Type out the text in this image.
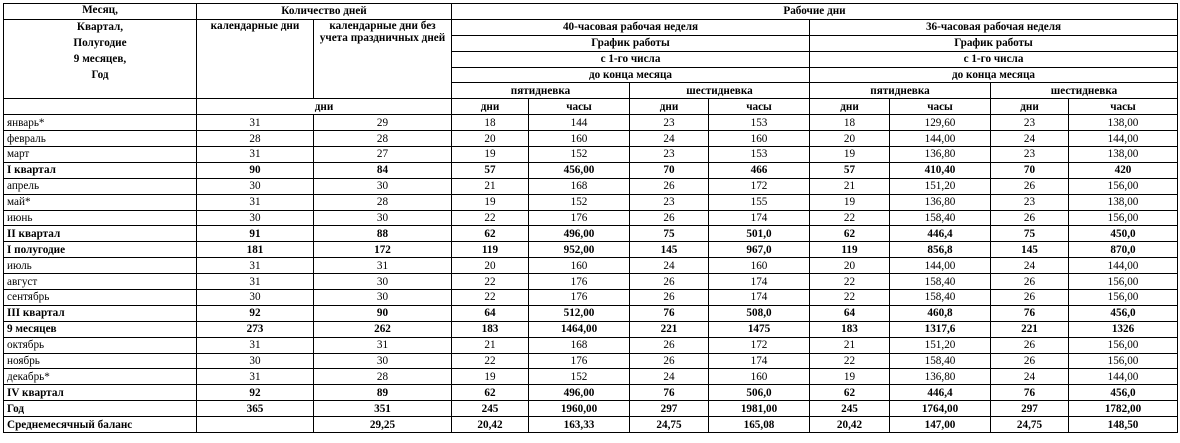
Месяц,	Количество дней		Рабочие дни							

Квартал,
Полугодие
9 месяцев,
Год	календарные дни	календарные дни без учета праздничных дней	40-часовая рабочая неделя				36-часовая рабочая неделя			
			График работы				График работы			
			с 1-го числа				с 1-го числа			
			до конца месяца				до конца месяца			
			пятидневка		шестидневка		пятидневка		шестидневка	
	дни		дни	часы	дни	часы	дни	часы	дни	часы
январь*	31	29	18	144	23	153	18	129,60	23	138,00
февраль	28	28	20	160	24	160	20	144,00	24	144,00
март	31	27	19	152	23	153	19	136,80	23	138,00
I квартал	90	84	57	456,00	70	466	57	410,40	70	420
апрель	30	30	21	168	26	172	21	151,20	26	156,00
май*	31	28	19	152	23	155	19	136,80	23	138,00
июнь	30	30	22	176	26	174	22	158,40	26	156,00
II квартал	91	88	62	496,00	75	501,0	62	446,4	75	450,0
I полугодие	181	172	119	952,00	145	967,0	119	856,8	145	870,0
июль	31	31	20	160	24	160	20	144,00	24	144,00
август	31	30	22	176	26	174	22	158,40	26	156,00
сентябрь	30	30	22	176	26	174	22	158,40	26	156,00
III квартал	92	90	64	512,00	76	508,0	64	460,8	76	456,0
9 месяцев	273	262	183	1464,00	221	1475	183	1317,6	221	1326
октябрь	31	31	21	168	26	172	21	151,20	26	156,00
ноябрь	30	30	22	176	26	174	22	158,40	26	156,00
декабрь*	31	28	19	152	24	160	19	136,80	24	144,00
IV квартал	92	89	62	496,00	76	506,0	62	446,4	76	456,0
Год	365	351	245	1960,00	297	1981,00	245	1764,00	297	1782,00
Среднемесячный баланс		29,25	20,42	163,33	24,75	165,08	20,42	147,00	24,75	148,50
